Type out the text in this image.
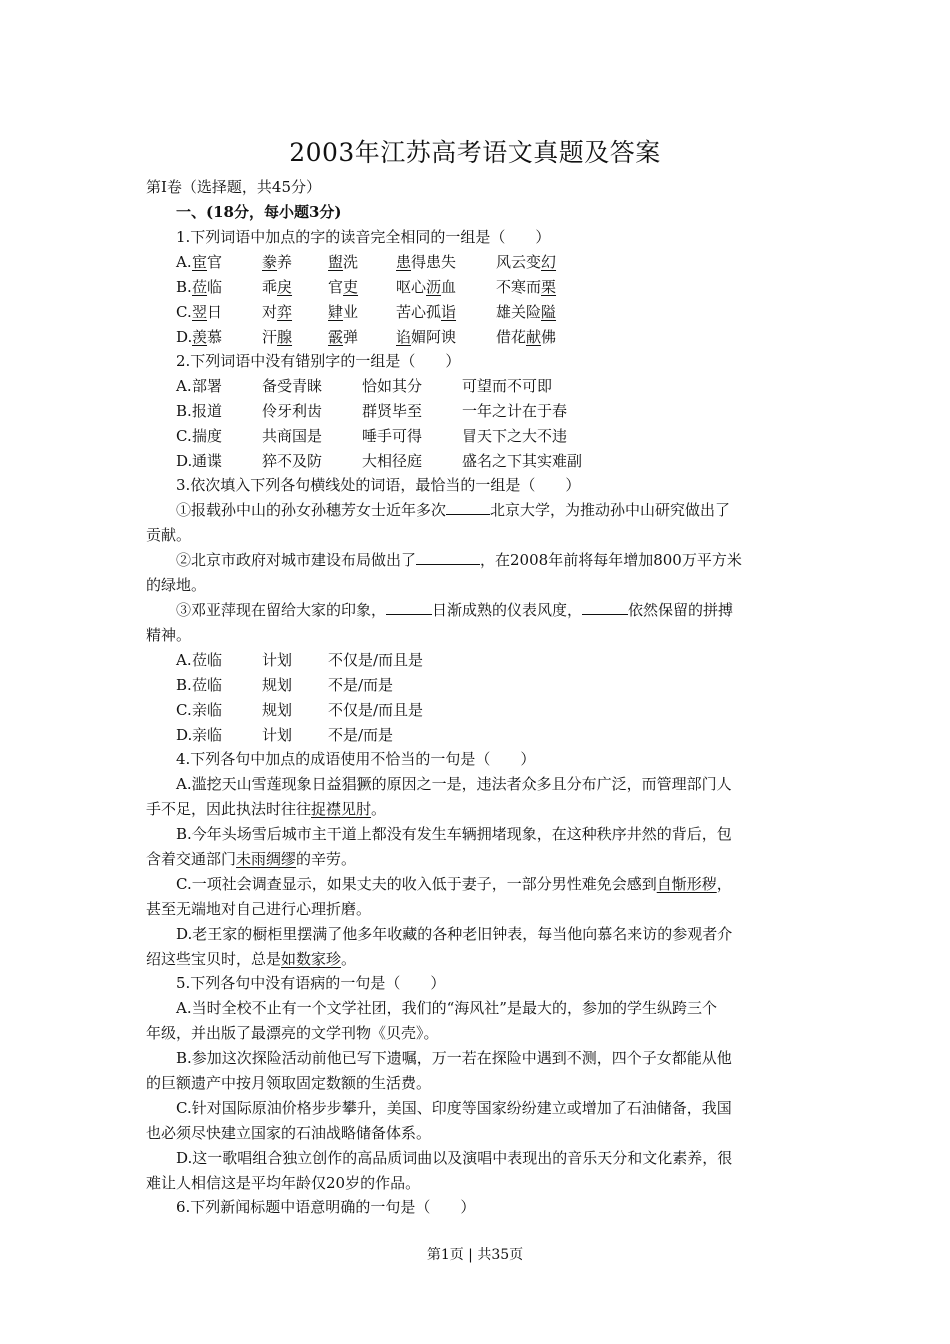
2003年江苏高考语文真题及答案
第Ⅰ卷（选择题，共45分）
一、(18分，每小题3分)
1.下列词语中加点的字的读音完全相同的一组是（　　）
A. 宦官	豢养 盥洗	患得患失	风云变幻
B. 莅临	乖戾 官吏	呕心沥血	不寒而栗
C. 翌日	对弈 肄业	苦心孤诣	雄关险隘
D. 羡慕	汗腺 霰弹	谄媚阿谀	借花献佛
2.下列词语中没有错别字的一组是（　　）
A. 部署	备受青睐	恰如其分	可望而不可即
B. 报道	伶牙利齿	群贤毕至	一年之计在于春
C. 揣度	共商国是	唾手可得	冒天下之大不违
D. 通谍	猝不及防	大相径庭	盛名之下其实难副
3.依次填入下列各句横线处的词语，最恰当的一组是（　　）
①报载孙中山的孙女孙穗芳女士近年多次	北京大学，为推动孙中山研究做出了
贡献。
②北京市政府对城市建设布局做出了	，在2008年前将每年增加800万平方米
的绿地。
③邓亚萍现在留给大家的印象，	日渐成熟的仪表风度，	依然保留的拼搏
精神。
A. 莅临	计划 不仅是/而且是
B. 莅临	规划 不是/而是
C. 亲临	规划 不仅是/而且是
D. 亲临	计划 不是/而是
4.下列各句中加点的成语使用不恰当的一句是（　　）
A.滥挖天山雪莲现象日益猖獗的原因之一是，违法者众多且分布广泛，而管理部门人
手不足，因此执法时往往捉襟见肘。
B.今年头场雪后城市主干道上都没有发生车辆拥堵现象，在这种秩序井然的背后，包
含着交通部门未雨绸缪的辛劳。
C.一项社会调查显示，如果丈夫的收入低于妻子，一部分男性难免会感到自惭形秽，
甚至无端地对自己进行心理折磨。
D.老王家的橱柜里摆满了他多年收藏的各种老旧钟表，每当他向慕名来访的参观者介
绍这些宝贝时，总是如数家珍。
5.下列各句中没有语病的一句是（　　）
A.当时全校不止有一个文学社团，我们的“海风社”是最大的，参加的学生纵跨三个
年级，并出版了最漂亮的文学刊物《贝壳》。
B.参加这次探险活动前他已写下遗嘱，万一若在探险中遇到不测，四个子女都能从他
的巨额遗产中按月领取固定数额的生活费。
C.针对国际原油价格步步攀升，美国、印度等国家纷纷建立或增加了石油储备，我国
也必须尽快建立国家的石油战略储备体系。
D.这一歌唱组合独立创作的高品质词曲以及演唱中表现出的音乐天分和文化素养，很
难让人相信这是平均年龄仅20岁的作品。
6.下列新闻标题中语意明确的一句是（　　）
第1页 | 共35页
